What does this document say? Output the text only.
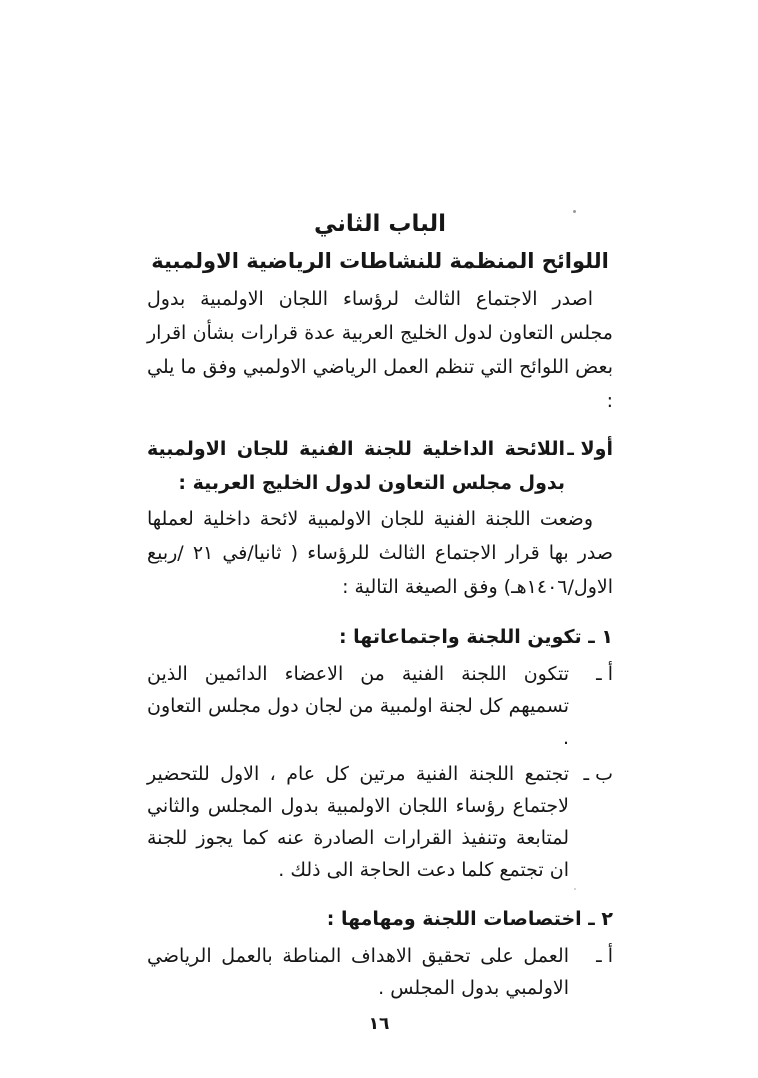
الباب الثاني
اللوائح المنظمة للنشاطات الرياضية الاولمبية

اصدر الاجتماع الثالث لرؤساء اللجان الاولمبية بدول مجلس التعاون لدول الخليج العربية عدة قرارات بشأن اقرار بعض اللوائح التي تنظم العمل الرياضي الاولمبي وفق ما يلي :

أولا ـ
اللائحة الداخلية للجنة الفنية للجان الاولمبية بدول مجلس التعاون لدول الخليج العربية :

وضعت اللجنة الفنية للجان الاولمبية لائحة داخلية لعملها صدر بها قرار الاجتماع الثالث للرؤساء ( ثانيا/في ٢١ /ربيع الاول/١٤٠٦هـ) وفق الصيغة التالية :

١ ـ تكوين اللجنة واجتماعاتها :
أ ـ
تتكون اللجنة الفنية من الاعضاء الدائمين الذين تسميهم كل لجنة اولمبية من لجان دول مجلس التعاون .
ب ـ
تجتمع اللجنة الفنية مرتين كل عام ، الاول للتحضير لاجتماع رؤساء اللجان الاولمبية بدول المجلس والثاني لمتابعة وتنفيذ القرارات الصادرة عنه كما يجوز للجنة ان تجتمع كلما دعت الحاجة الى ذلك .
٢ ـ اختصاصات اللجنة ومهامها :
أ ـ
العمل على تحقيق الاهداف المناطة بالعمل الرياضي الاولمبي بدول المجلس .
١٦
